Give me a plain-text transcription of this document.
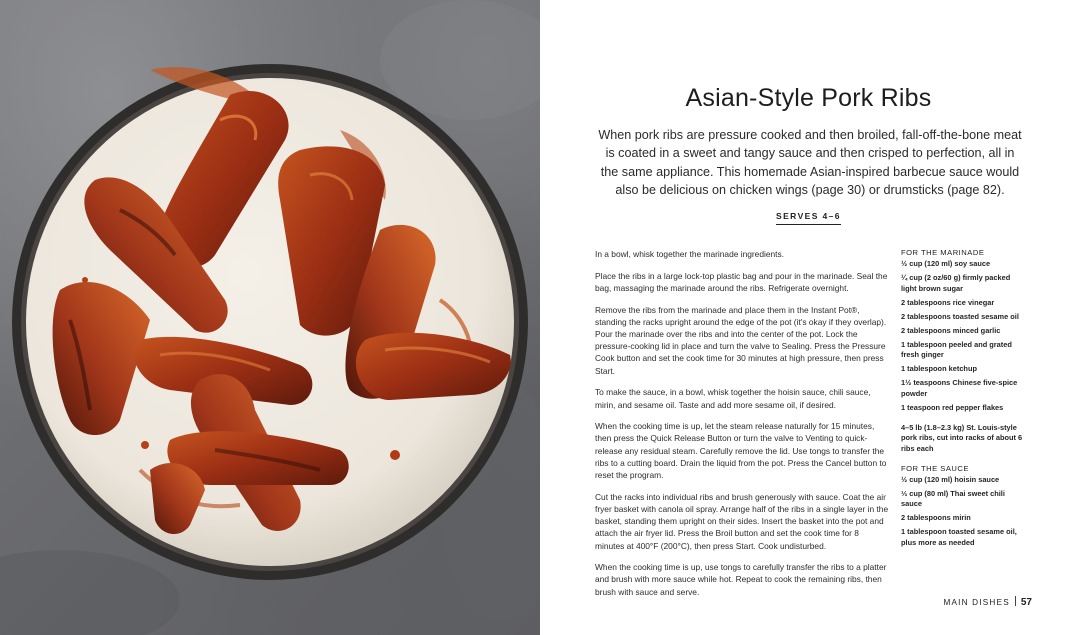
Asian-Style Pork Ribs

When pork ribs are pressure cooked and then broiled, fall-off-the-bone meat is coated in a sweet and tangy sauce and then crisped to perfection, all in the same appliance. This homemade Asian-inspired barbecue sauce would also be delicious on chicken wings (page 30) or drumsticks (page 82).

SERVES 4–6

In a bowl, whisk together the marinade ingredients.

Place the ribs in a large lock-top plastic bag and pour in the marinade. Seal the bag, massaging the marinade around the ribs. Refrigerate overnight.

Remove the ribs from the marinade and place them in the Instant Pot®, standing the racks upright around the edge of the pot (it's okay if they overlap). Pour the marinade over the ribs and into the center of the pot. Lock the pressure-cooking lid in place and turn the valve to Sealing. Press the Pressure Cook button and set the cook time for 30 minutes at high pressure, then press Start.

To make the sauce, in a bowl, whisk together the hoisin sauce, chili sauce, mirin, and sesame oil. Taste and add more sesame oil, if desired.

When the cooking time is up, let the steam release naturally for 15 minutes, then press the Quick Release Button or turn the valve to Venting to quick-release any residual steam. Carefully remove the lid. Use tongs to transfer the ribs to a cutting board. Drain the liquid from the pot. Press the Cancel button to reset the program.

Cut the racks into individual ribs and brush generously with sauce. Coat the air fryer basket with canola oil spray. Arrange half of the ribs in a single layer in the basket, standing them upright on their sides. Insert the basket into the pot and attach the air fryer lid. Press the Broil button and set the cook time for 8 minutes at 400°F (200°C), then press Start. Cook undisturbed.

When the cooking time is up, use tongs to carefully transfer the ribs to a platter and brush with more sauce while hot. Repeat to cook the remaining ribs, then brush with sauce and serve.

FOR THE MARINADE
½ cup (120 ml) soy sauce
¼ cup (2 oz/60 g) firmly packed light brown sugar
2 tablespoons rice vinegar
2 tablespoons toasted sesame oil
2 tablespoons minced garlic
1 tablespoon peeled and grated fresh ginger
1 tablespoon ketchup
1½ teaspoons Chinese five-spice powder
1 teaspoon red pepper flakes
4–5 lb (1.8–2.3 kg) St. Louis-style pork ribs, cut into racks of about 6 ribs each
FOR THE SAUCE
½ cup (120 ml) hoisin sauce
⅓ cup (80 ml) Thai sweet chili sauce
2 tablespoons mirin
1 tablespoon toasted sesame oil, plus more as needed
MAIN DISHES 57
